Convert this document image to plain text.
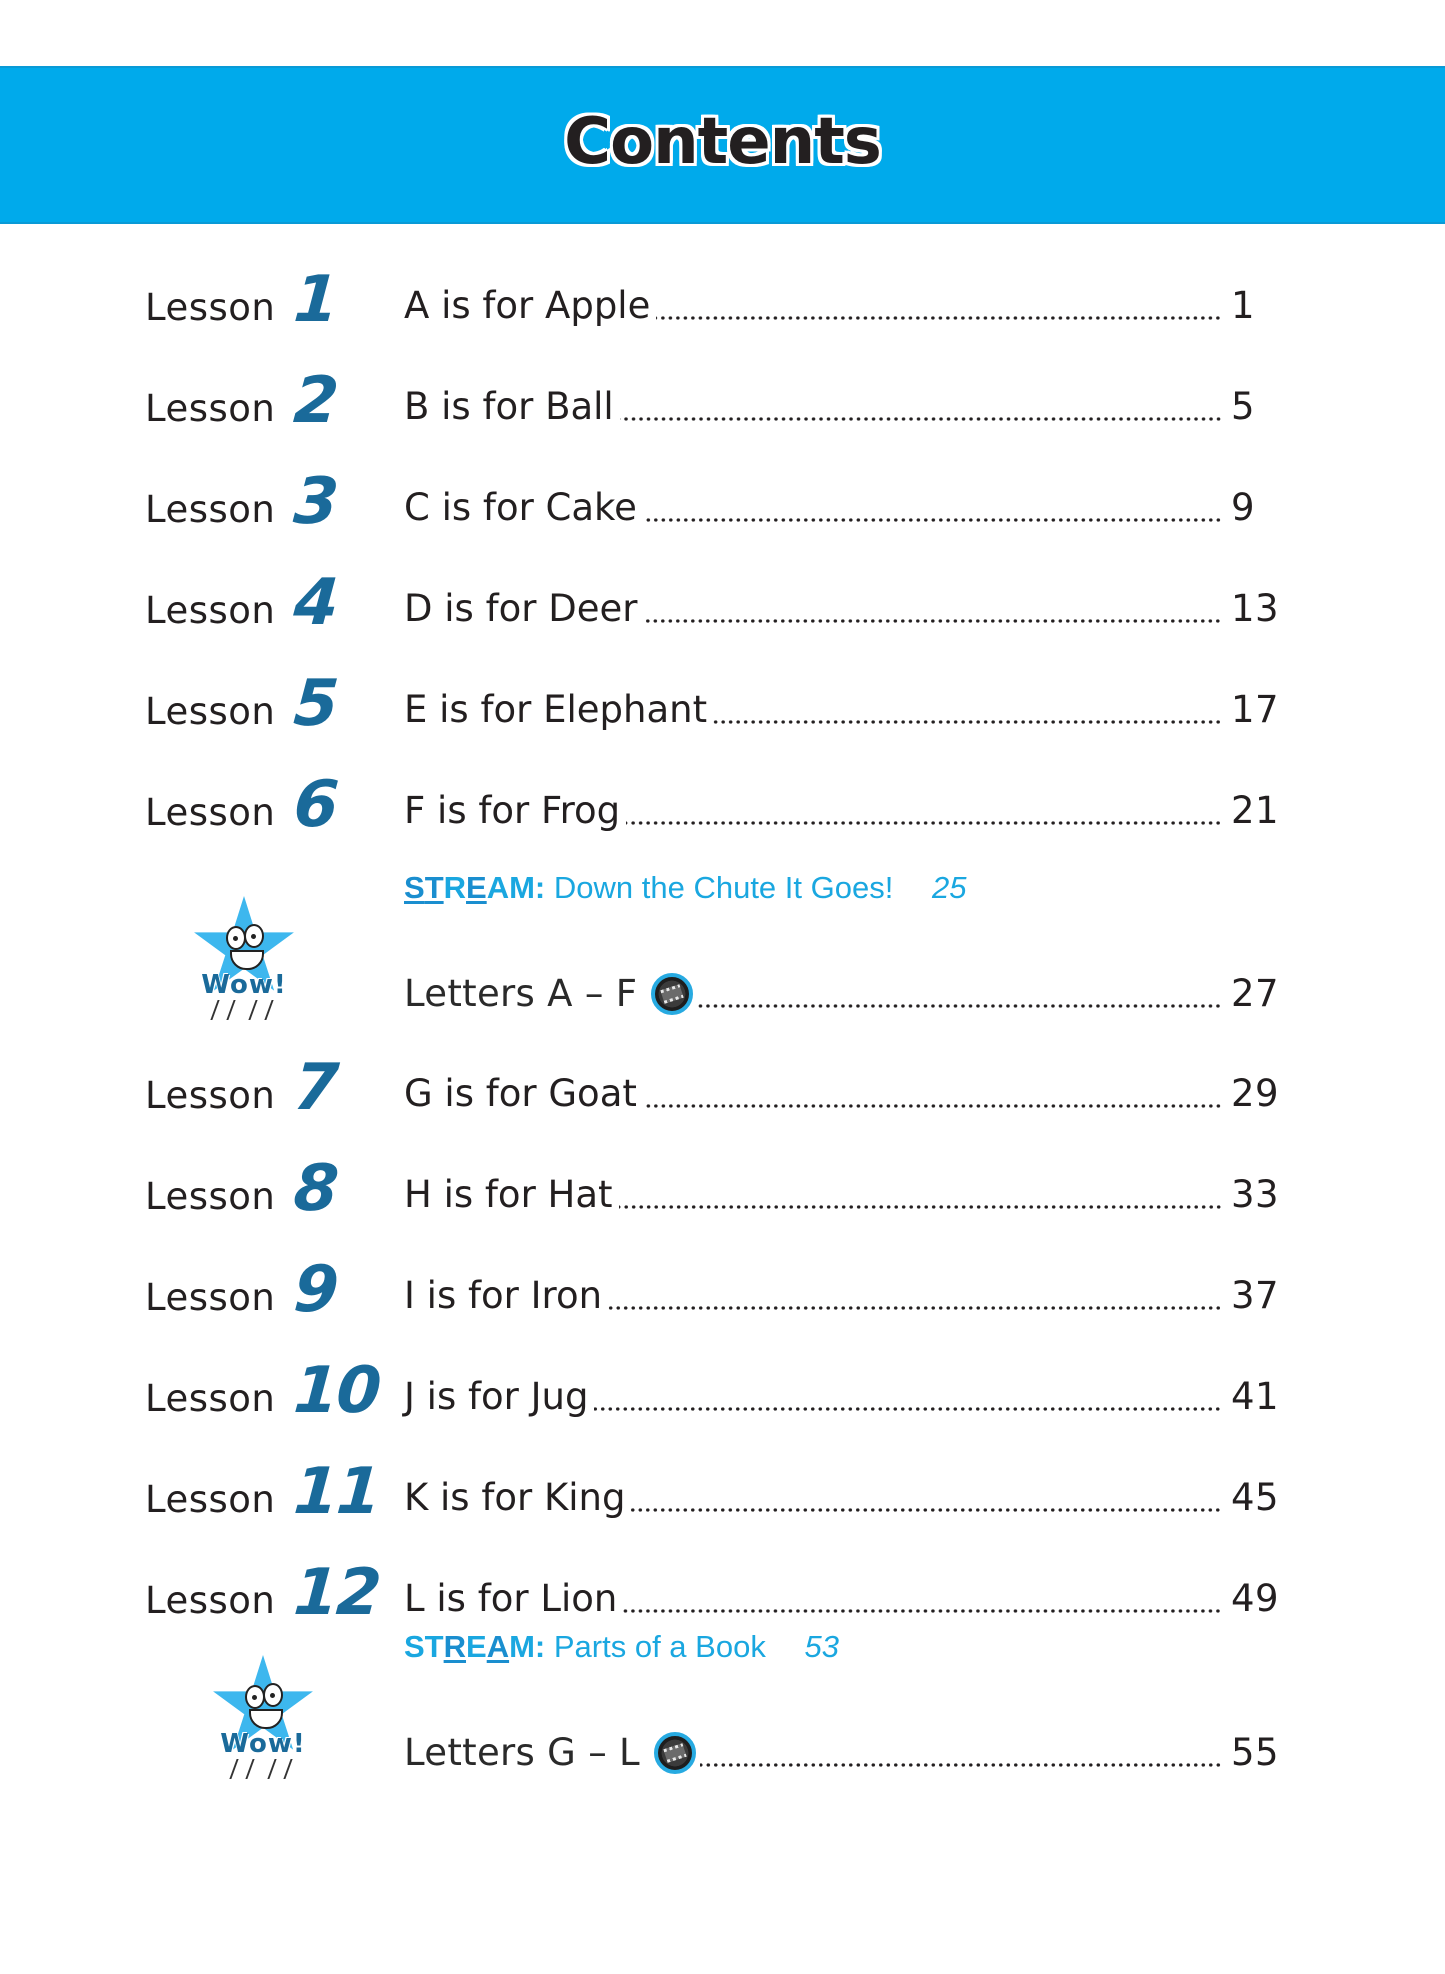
Contents
Lesson 1 A is for Apple	1
Lesson 2 B is for Ball	5
Lesson 3 C is for Cake	9
Lesson 4 D is for Deer	13
Lesson 5 E is for Elephant	17
Lesson 6 F is for Frog	21
STREAM: Down the Chute It Goes! 25
Wow!	Letters A – F	27
Lesson 7 G is for Goat	29
Lesson 8 H is for Hat	33
Lesson 9 I is for Iron	37
Lesson 10 J is for Jug	41
Lesson 11 K is for King	45
Lesson 12 L is for Lion	49
STREAM: Parts of a Book 53
Wow!	Letters G – L	55
